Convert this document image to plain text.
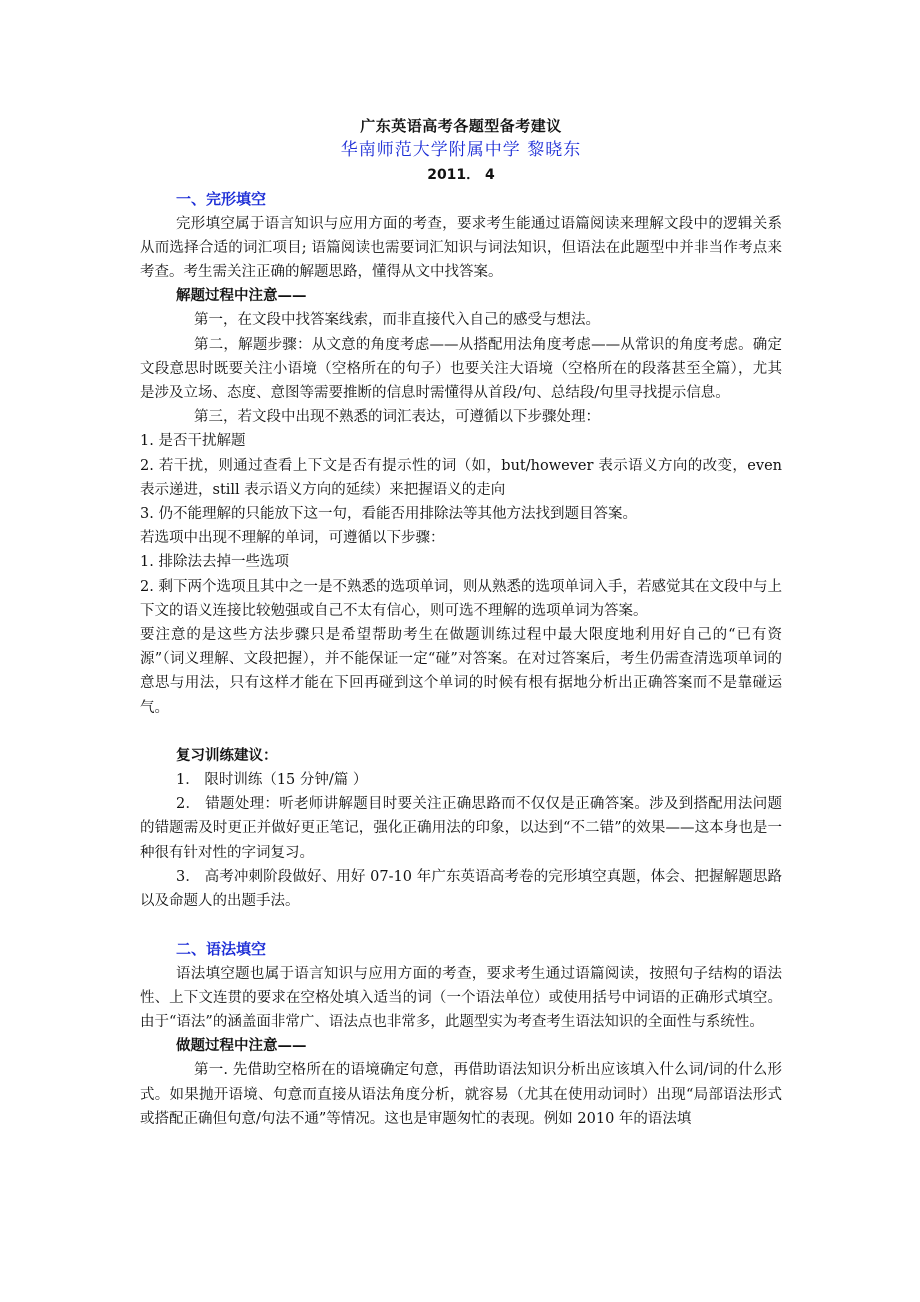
广东英语高考各题型备考建议
华南师范大学附属中学 黎晓东
2011． 4
一、完形填空

完形填空属于语言知识与应用方面的考查，要求考生能通过语篇阅读来理解文段中的逻辑关系从而选择合适的词汇项目; 语篇阅读也需要词汇知识与词法知识，但语法在此题型中并非当作考点来考查。考生需关注正确的解题思路，懂得从文中找答案。

解题过程中注意——

第一，在文段中找答案线索，而非直接代入自己的感受与想法。

第二，解题步骤：从文意的角度考虑——从搭配用法角度考虑——从常识的角度考虑。确定文段意思时既要关注小语境（空格所在的句子）也要关注大语境（空格所在的段落甚至全篇），尤其是涉及立场、态度、意图等需要推断的信息时需懂得从首段/句、总结段/句里寻找提示信息。

第三，若文段中出现不熟悉的词汇表达，可遵循以下步骤处理：

1. 是否干扰解题

2. 若干扰，则通过查看上下文是否有提示性的词（如，but/however 表示语义方向的改变，even 表示递进，still 表示语义方向的延续）来把握语义的走向

3. 仍不能理解的只能放下这一句，看能否用排除法等其他方法找到题目答案。

若选项中出现不理解的单词，可遵循以下步骤：

1. 排除法去掉一些选项

2. 剩下两个选项且其中之一是不熟悉的选项单词，则从熟悉的选项单词入手，若感觉其在文段中与上下文的语义连接比较勉强或自己不太有信心，则可选不理解的选项单词为答案。

要注意的是这些方法步骤只是希望帮助考生在做题训练过程中最大限度地利用好自己的“已有资源”（词义理解、文段把握），并不能保证一定“碰”对答案。在对过答案后，考生仍需查清选项单词的意思与用法，只有这样才能在下回再碰到这个单词的时候有根有据地分析出正确答案而不是靠碰运气。

复习训练建议：

1． 限时训练（15 分钟/篇 ）

2． 错题处理：听老师讲解题目时要关注正确思路而不仅仅是正确答案。涉及到搭配用法问题的错题需及时更正并做好更正笔记，强化正确用法的印象，以达到“不二错”的效果——这本身也是一种很有针对性的字词复习。

3． 高考冲刺阶段做好、用好 07-10 年广东英语高考卷的完形填空真题，体会、把握解题思路以及命题人的出题手法。

二、语法填空

语法填空题也属于语言知识与应用方面的考查，要求考生通过语篇阅读，按照句子结构的语法性、上下文连贯的要求在空格处填入适当的词（一个语法单位）或使用括号中词语的正确形式填空。由于“语法”的涵盖面非常广、语法点也非常多，此题型实为考查考生语法知识的全面性与系统性。

做题过程中注意——

第一. 先借助空格所在的语境确定句意，再借助语法知识分析出应该填入什么词/词的什么形式。如果抛开语境、句意而直接从语法角度分析，就容易（尤其在使用动词时）出现“局部语法形式或搭配正确但句意/句法不通”等情况。这也是审题匆忙的表现。例如 2010 年的语法填
